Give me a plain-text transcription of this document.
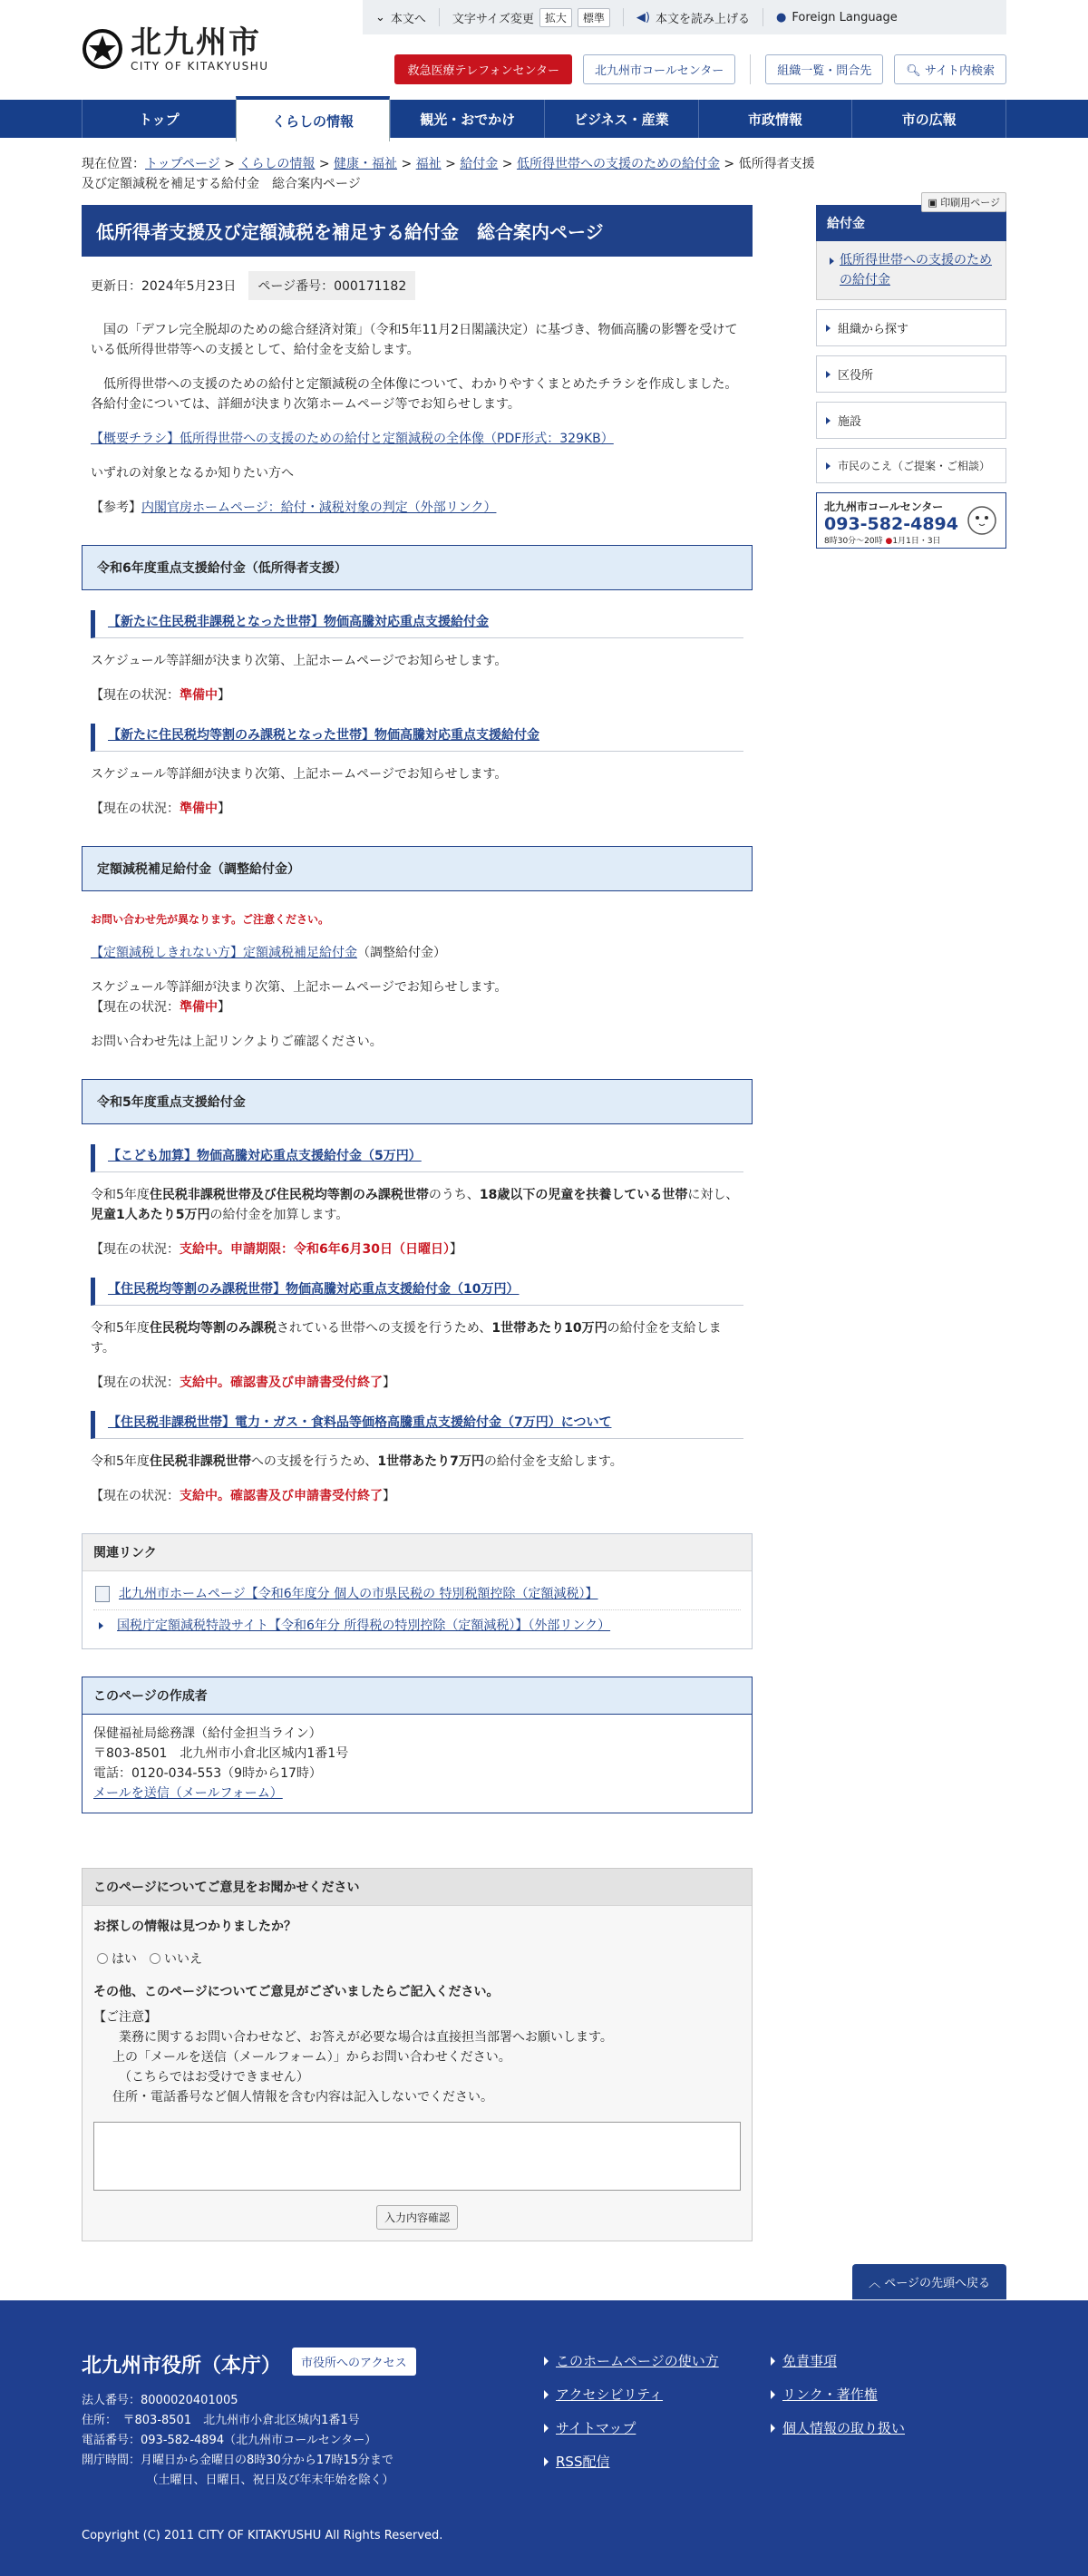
北九州市
CITY OF KITAKYUSHU
⌄ 本文へ 文字サイズ変更	拡大	標準	◀) 本文を読み上げる ● Foreign Language
救急医療テレフォンセンター	北九州市コールセンター	組織一覧・問合先	🔍︎ サイト内検索
トップ	くらしの情報	観光・おでかけ	ビジネス・産業	市政情報	市の広報
現在位置：トップページ > くらしの情報 > 健康・福祉 > 福祉 > 給付金 > 低所得世帯への支援のための給付金 > 低所得者支援及び定額減税を補足する給付金　総合案内ページ
▣ 印刷用ページ
低所得者支援及び定額減税を補足する給付金　総合案内ページ
更新日：2024年5月23日	ページ番号：000171182

国の「デフレ完全脱却のための総合経済対策」（令和5年11月2日閣議決定）に基づき、物価高騰の影響を受けている低所得世帯等への支援として、給付金を支給します。

低所得世帯への支援のための給付と定額減税の全体像について、わかりやすくまとめたチラシを作成しました。各給付金については、詳細が決まり次第ホームページ等でお知らせします。

【概要チラシ】低所得世帯への支援のための給付と定額減税の全体像（PDF形式：329KB）

いずれの対象となるか知りたい方へ

【参考】内閣官房ホームページ：給付・減税対象の判定（外部リンク）

令和6年度重点支援給付金（低所得者支援）
【新たに住民税非課税となった世帯】物価高騰対応重点支援給付金

スケジュール等詳細が決まり次第、上記ホームページでお知らせします。

【現在の状況：準備中】

【新たに住民税均等割のみ課税となった世帯】物価高騰対応重点支援給付金

スケジュール等詳細が決まり次第、上記ホームページでお知らせします。

【現在の状況：準備中】

定額減税補足給付金（調整給付金）
お問い合わせ先が異なります。ご注意ください。

【定額減税しきれない方】定額減税補足給付金（調整給付金）

スケジュール等詳細が決まり次第、上記ホームページでお知らせします。

【現在の状況：準備中】

お問い合わせ先は上記リンクよりご確認ください。

令和5年度重点支援給付金
【こども加算】物価高騰対応重点支援給付金（5万円）

令和5年度住民税非課税世帯及び住民税均等割のみ課税世帯のうち、18歳以下の児童を扶養している世帯に対し、児童1人あたり5万円の給付金を加算します。

【現在の状況：支給中。申請期限：令和6年6月30日（日曜日）】

【住民税均等割のみ課税世帯】物価高騰対応重点支援給付金（10万円）

令和5年度住民税均等割のみ課税されている世帯への支援を行うため、1世帯あたり10万円の給付金を支給します。

【現在の状況：支給中。確認書及び申請書受付終了】

【住民税非課税世帯】電力・ガス・食料品等価格高騰重点支援給付金（7万円）について

令和5年度住民税非課税世帯への支援を行うため、1世帯あたり7万円の給付金を支給します。

【現在の状況：支給中。確認書及び申請書受付終了】

関連リンク
北九州市ホームページ【令和6年度分 個人の市県民税の 特別税額控除（定額減税）】
国税庁定額減税特設サイト【令和6年分 所得税の特別控除（定額減税）】（外部リンク）
このページの作成者
保健福祉局総務課（給付金担当ライン）
〒803-8501　北九州市小倉北区城内1番1号
電話：0120-034-553（9時から17時）
メールを送信（メールフォーム）
このページについてご意見をお聞かせください
お探しの情報は見つかりましたか？
はい いいえ
その他、このページについてご意見がございましたらご記入ください。
【ご注意】
業務に関するお問い合わせなど、お答えが必要な場合は直接担当部署へお願いします。
上の「メールを送信（メールフォーム）」からお問い合わせください。
（こちらではお受けできません）
住所・電話番号など個人情報を含む内容は記入しないでください。
入力内容確認
給付金
低所得世帯への支援のための給付金
組織から探す
区役所
施設
市民のこえ（ご提案・ご相談）
北九州市コールセンター
093-582-4894
8時30分～20時 ●1月1日・3日
︿ ページの先頭へ戻る
北九州市役所（本庁）	市役所へのアクセス
法人番号：8000020401005
住所：　〒803-8501　北九州市小倉北区城内1番1号
電話番号：093-582-4894（北九州市コールセンター）
開庁時間：月曜日から金曜日の8時30分から17時15分まで
（土曜日、日曜日、祝日及び年末年始を除く）
このホームページの使い方	免責事項
アクセシビリティ	リンク・著作権
サイトマップ	個人情報の取り扱い
RSS配信
Copyright (C) 2011 CITY OF KITAKYUSHU All Rights Reserved.
